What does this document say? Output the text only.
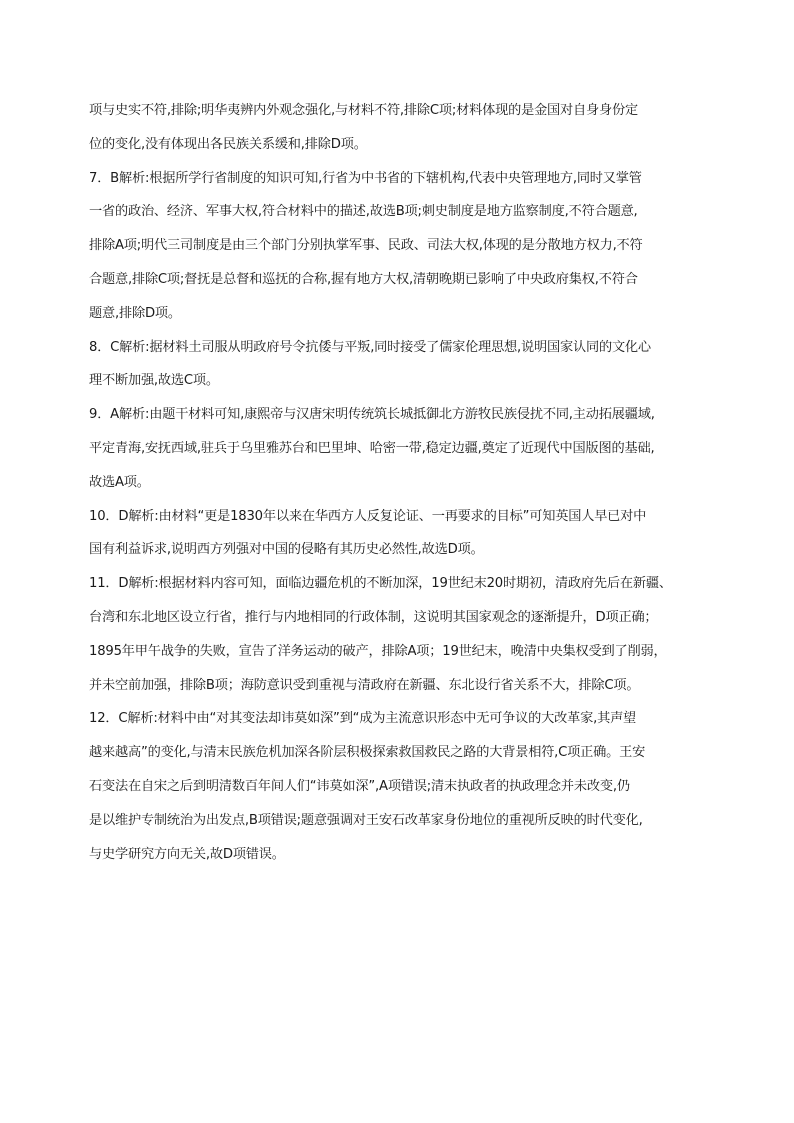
项与史实不符,排除;明华夷辨内外观念强化,与材料不符,排除C项;材料体现的是金国对自身身份定
位的变化,没有体现出各民族关系缓和,排除D项。
7．B解析:根据所学行省制度的知识可知,行省为中书省的下辖机构,代表中央管理地方,同时又掌管
一省的政治、经济、军事大权,符合材料中的描述,故选B项;刺史制度是地方监察制度,不符合题意,
排除A项;明代三司制度是由三个部门分别执掌军事、民政、司法大权,体现的是分散地方权力,不符
合题意,排除C项;督抚是总督和巡抚的合称,握有地方大权,清朝晚期已影响了中央政府集权,不符合
题意,排除D项。
8．C解析:据材料土司服从明政府号令抗倭与平叛,同时接受了儒家伦理思想,说明国家认同的文化心
理不断加强,故选C项。
9．A解析:由题干材料可知,康熙帝与汉唐宋明传统筑长城抵御北方游牧民族侵扰不同,主动拓展疆域,
平定青海,安抚西域,驻兵于乌里雅苏台和巴里坤、哈密一带,稳定边疆,奠定了近现代中国版图的基础,
故选A项。
10．D解析:由材料“更是1830年以来在华西方人反复论证、一再要求的目标”可知英国人早已对中
国有利益诉求,说明西方列强对中国的侵略有其历史必然性,故选D项。
11．D解析:根据材料内容可知，面临边疆危机的不断加深，19世纪末20时期初，清政府先后在新疆、
台湾和东北地区设立行省，推行与内地相同的行政体制，这说明其国家观念的逐渐提升，D项正确；
1895年甲午战争的失败，宣告了洋务运动的破产，排除A项；19世纪末，晚清中央集权受到了削弱，
并未空前加强，排除B项；海防意识受到重视与清政府在新疆、东北设行省关系不大，排除C项。
12．C解析:材料中由“对其变法却讳莫如深”到“成为主流意识形态中无可争议的大改革家,其声望
越来越高”的变化,与清末民族危机加深各阶层积极探索救国救民之路的大背景相符,C项正确。王安
石变法在自宋之后到明清数百年间人们“讳莫如深”,A项错误;清末执政者的执政理念并未改变,仍
是以维护专制统治为出发点,B项错误;题意强调对王安石改革家身份地位的重视所反映的时代变化,
与史学研究方向无关,故D项错误。
